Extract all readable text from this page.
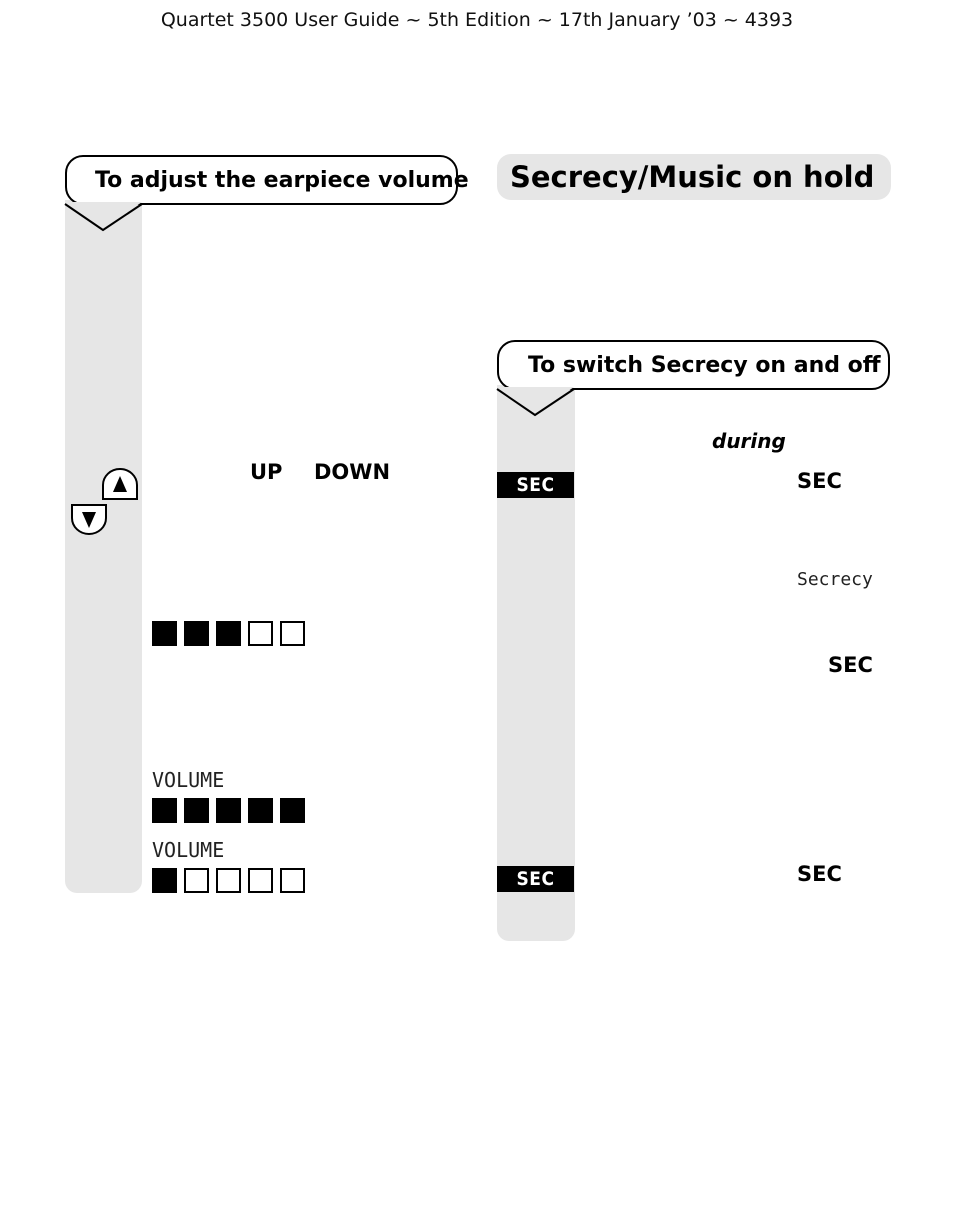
Quartet 3500 User Guide ~ 5th Edition ~ 17th January ’03 ~ 4393
To adjust the earpiece volume
UP DOWN
VOLUME
VOLUME
Secrecy/Music on hold
To switch Secrecy on and off
during
SEC	SEC
Secrecy
SEC
SEC	SEC
